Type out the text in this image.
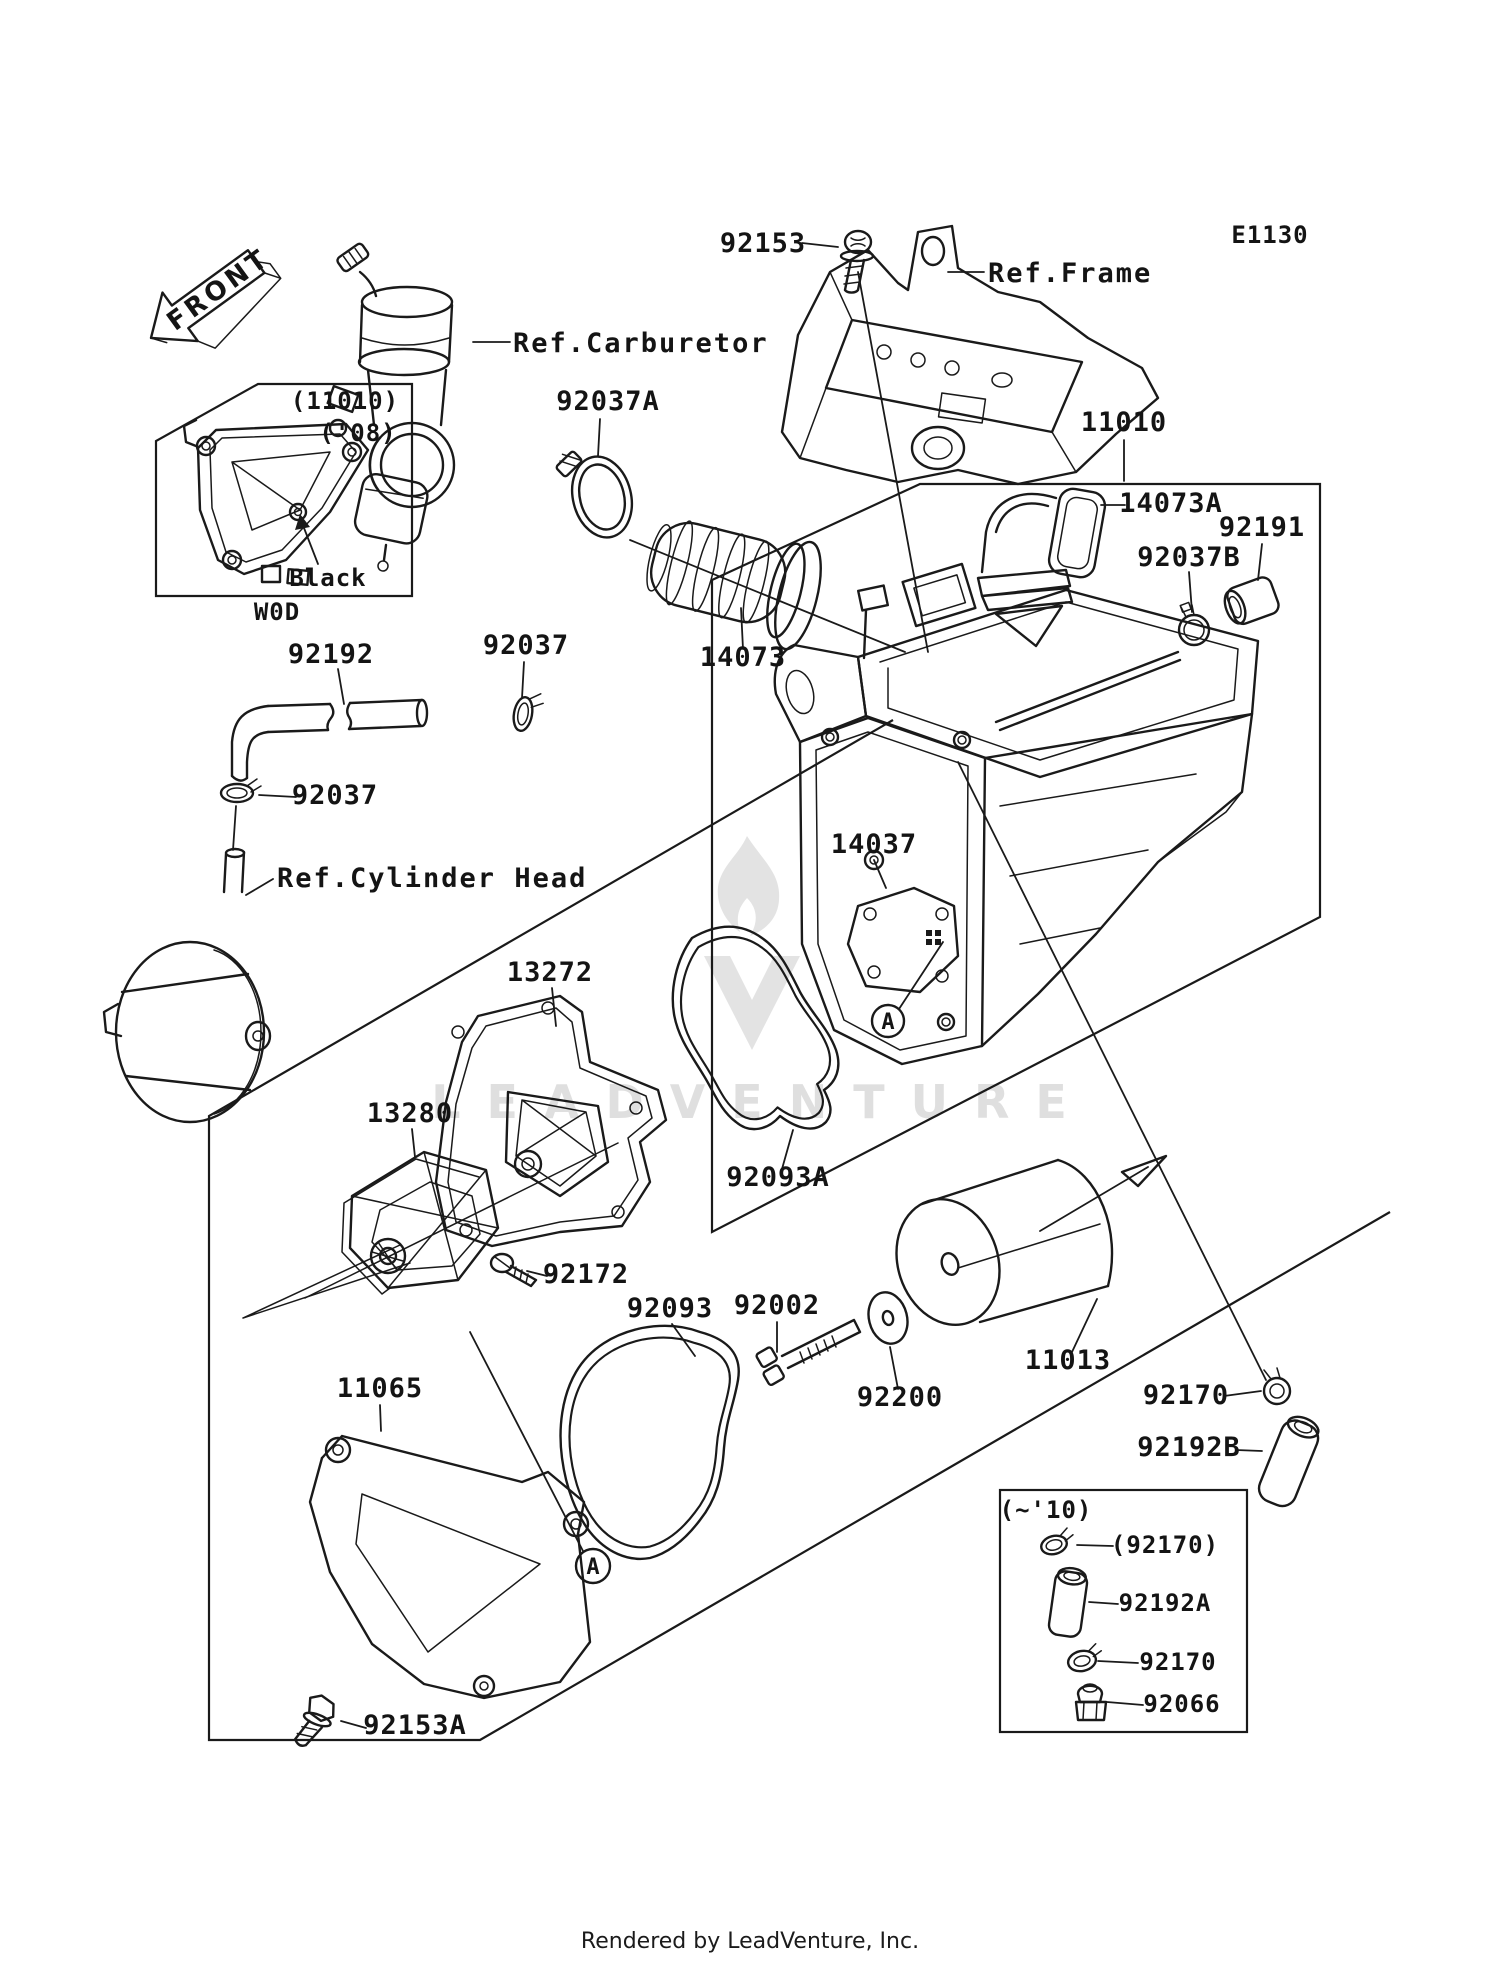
LEADVENTURE
FRONT
A
A
E1130
92153
Ref.Frame
Ref.Carburetor
92037A
11010
14073A
92191
92037B
14073
92037
92192
92037
Ref.Cylinder Head
14037
13272
13280
92093A
92172
92093 92002
92200
11013
92170
92192B
11065
92153A
(11010)
('08)
Black
W0D
(~'10)
(92170)
92192A
92170
92066
Rendered by LeadVenture, Inc.
